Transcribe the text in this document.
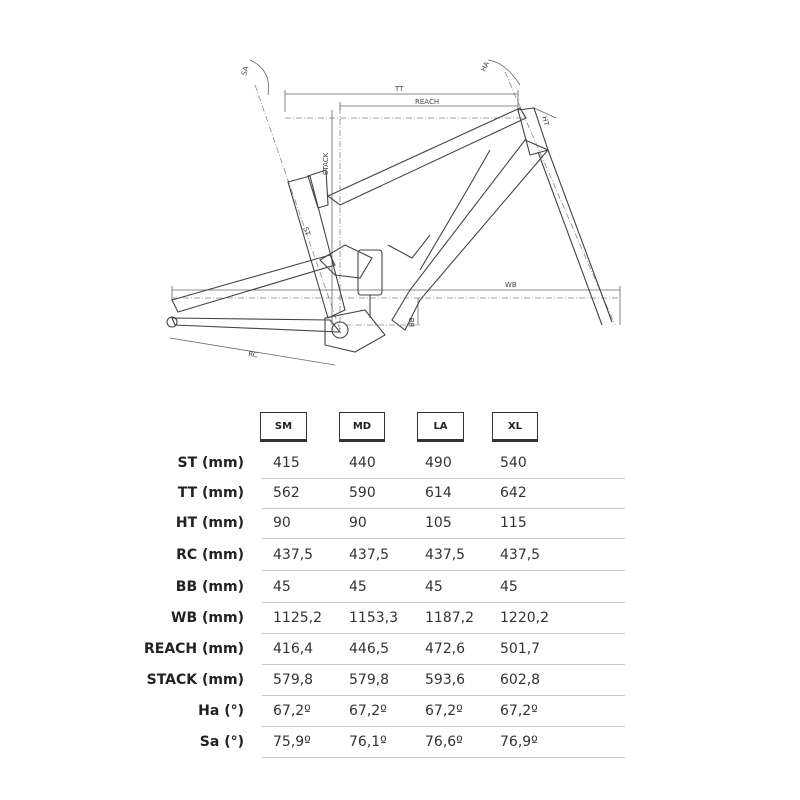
TT
REACH
HT
STACK
ST
WB
RC
BB
SA	HA
SM	MD	LA	XL
ST (mm) 415	440	490	540
TT (mm) 562	590	614	642
HT (mm) 90	90	105	115
RC (mm) 437,5	437,5	437,5 437,5
BB (mm) 45	45	45	45
WB (mm) 1125,2 1153,3 1187,2 1220,2
REACH (mm) 416,4	446,5	472,6 501,7
STACK (mm) 579,8	579,8	593,6 602,8
Ha (°) 67,2º	67,2º	67,2º	67,2º
Sa (°) 75,9º	76,1º	76,6º	76,9º
